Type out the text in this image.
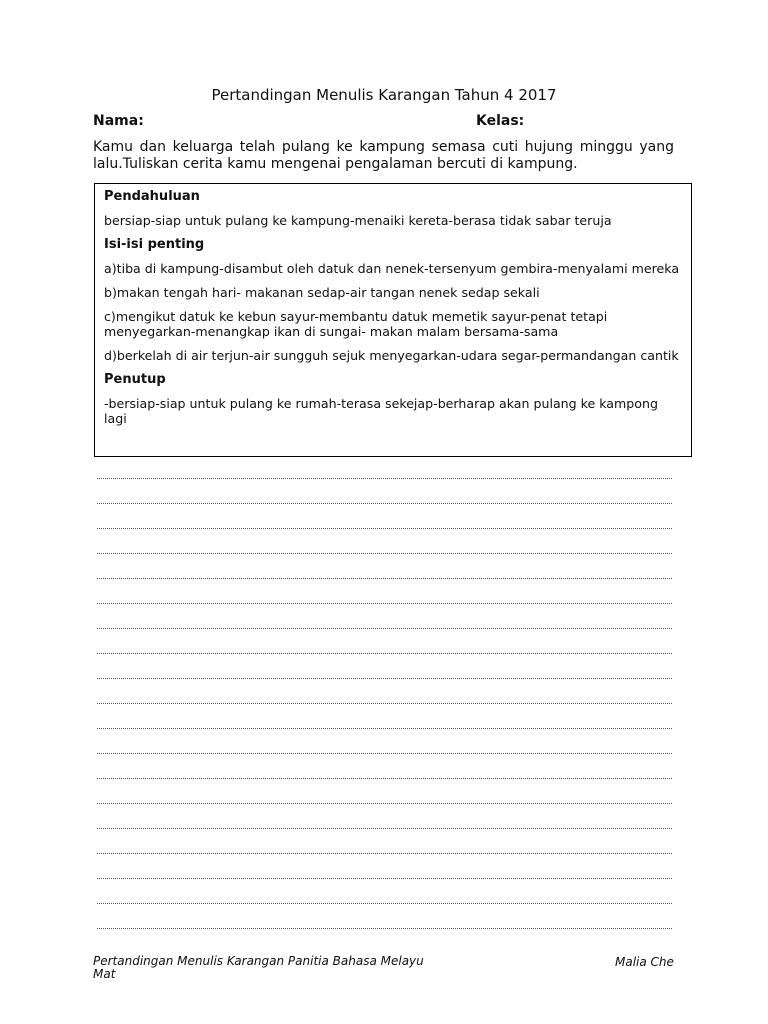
Pertandingan Menulis Karangan Tahun 4 2017
Nama:	Kelas:
Kamu dan keluarga telah pulang ke kampung semasa cuti hujung minggu yang lalu.Tuliskan cerita kamu mengenai pengalaman bercuti di kampung.
Pendahuluan
bersiap-siap untuk pulang ke kampung-menaiki kereta-berasa tidak sabar teruja
Isi-isi penting
a)tiba di kampung-disambut oleh datuk dan nenek-tersenyum gembira-menyalami mereka
b)makan tengah hari- makanan sedap-air tangan nenek sedap sekali
c)mengikut datuk ke kebun sayur-membantu datuk memetik sayur-penat tetapi menyegarkan-menangkap ikan di sungai- makan malam bersama-sama
d)berkelah di air terjun-air sungguh sejuk menyegarkan-udara segar-permandangan cantik
Penutup
-bersiap-siap untuk pulang ke rumah-terasa sekejap-berharap akan pulang ke kampong lagi
Pertandingan Menulis Karangan Panitia Bahasa Melayu
Mat
Malia Che
